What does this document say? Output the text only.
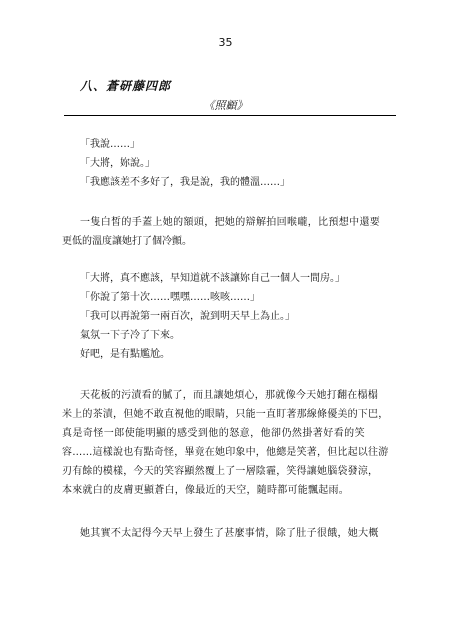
35
八、蒼研藤四郎
《照顧》
「我說……」
「大將，妳說。」
「我應該差不多好了，我是說，我的體溫……」
一隻白皙的手蓋上她的額頭，把她的辯解拍回喉嚨，比預想中還要
更低的溫度讓她打了個冷顫。
「大將，真不應該，早知道就不該讓妳自己一個人一間房。」
「你說了第十次……嘿嘿……咳咳……」
「我可以再說第一兩百次，說到明天早上為止。」
氣氛一下子冷了下來。
好吧，是有點尷尬。
天花板的污漬看的膩了，而且讓她煩心，那就像今天她打翻在榻榻
米上的茶漬，但她不敢直視他的眼睛，只能一直盯著那線條優美的下巴，
真是奇怪一郎使能明顯的感受到他的怒意，他卻仍然掛著好看的笑
容……這樣說也有點奇怪，畢竟在她印象中，他總是笑著，但比起以往游
刃有餘的模樣，今天的笑容顯然覆上了一層陰霾，笑得讓她腦袋發涼，
本來就白的皮膚更顯蒼白，像最近的天空，隨時都可能飄起雨。
她其實不太記得今天早上發生了甚麼事情，除了肚子很餓，她大概
